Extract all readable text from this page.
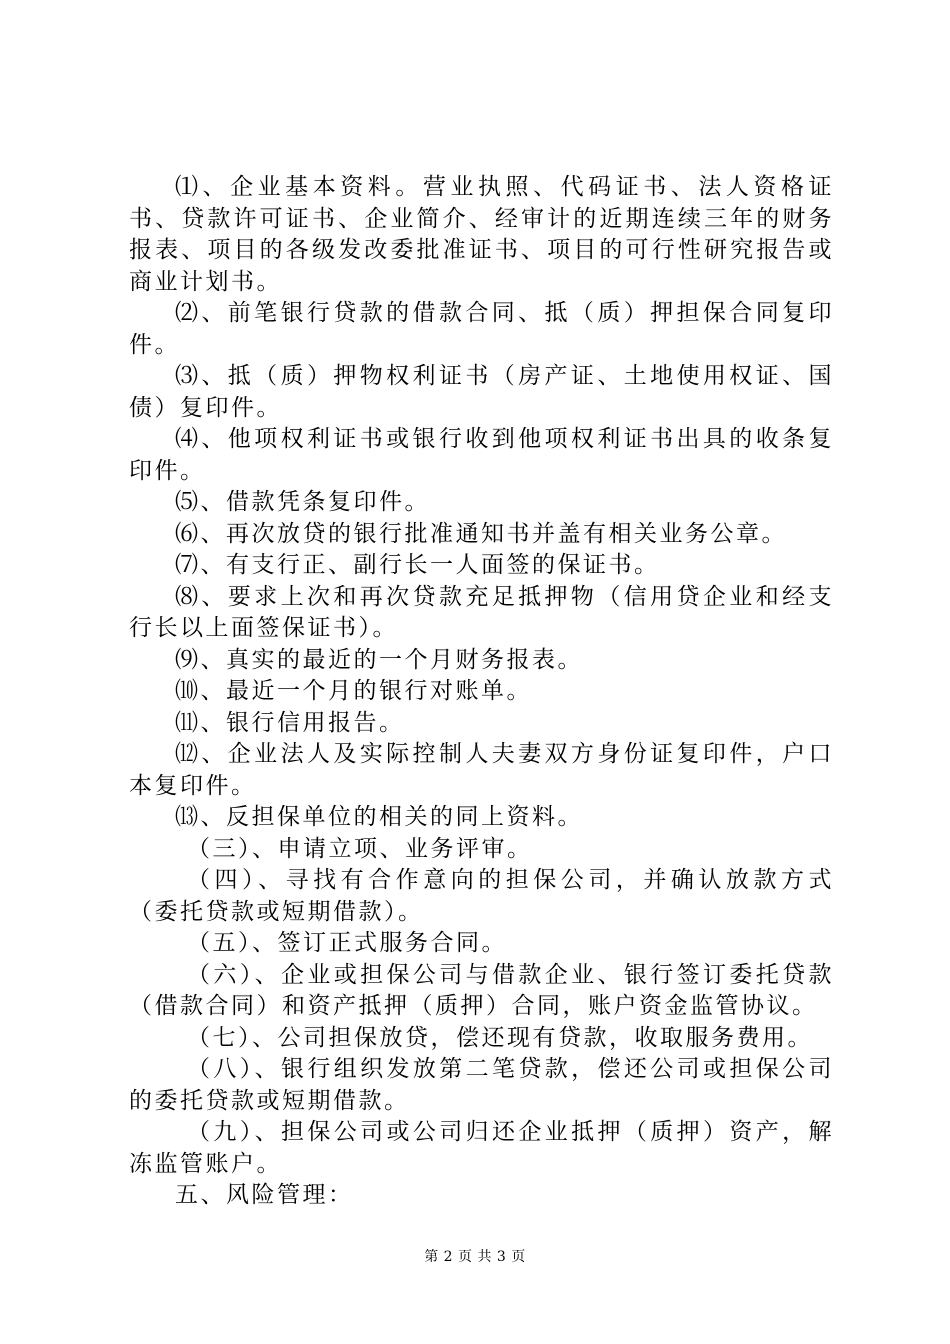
⑴、企业基本资料。营业执照、代码证书、法人资格证书、贷款许可证书、企业简介、经审计的近期连续三年的财务报表、项目的各级发改委批准证书、项目的可行性研究报告或商业计划书。

⑵、前笔银行贷款的借款合同、抵（质）押担保合同复印件。

⑶、抵（质）押物权利证书（房产证、土地使用权证、国债）复印件。

⑷、他项权利证书或银行收到他项权利证书出具的收条复印件。

⑸、借款凭条复印件。

⑹、再次放贷的银行批准通知书并盖有相关业务公章。

⑺、有支行正、副行长一人面签的保证书。

⑻、要求上次和再次贷款充足抵押物（信用贷企业和经支行长以上面签保证书）。

⑼、真实的最近的一个月财务报表。

⑽、最近一个月的银行对账单。

⑾、银行信用报告。

⑿、企业法人及实际控制人夫妻双方身份证复印件，户口本复印件。

⒀、反担保单位的相关的同上资料。

（三）、申请立项、业务评审。

（四）、寻找有合作意向的担保公司，并确认放款方式（委托贷款或短期借款）。

（五）、签订正式服务合同。

（六）、企业或担保公司与借款企业、银行签订委托贷款（借款合同）和资产抵押（质押）合同，账户资金监管协议。

（七）、公司担保放贷，偿还现有贷款，收取服务费用。

（八）、银行组织发放第二笔贷款，偿还公司或担保公司的委托贷款或短期借款。

（九）、担保公司或公司归还企业抵押（质押）资产，解冻监管账户。

五、风险管理：

第 2 页 共 3 页
